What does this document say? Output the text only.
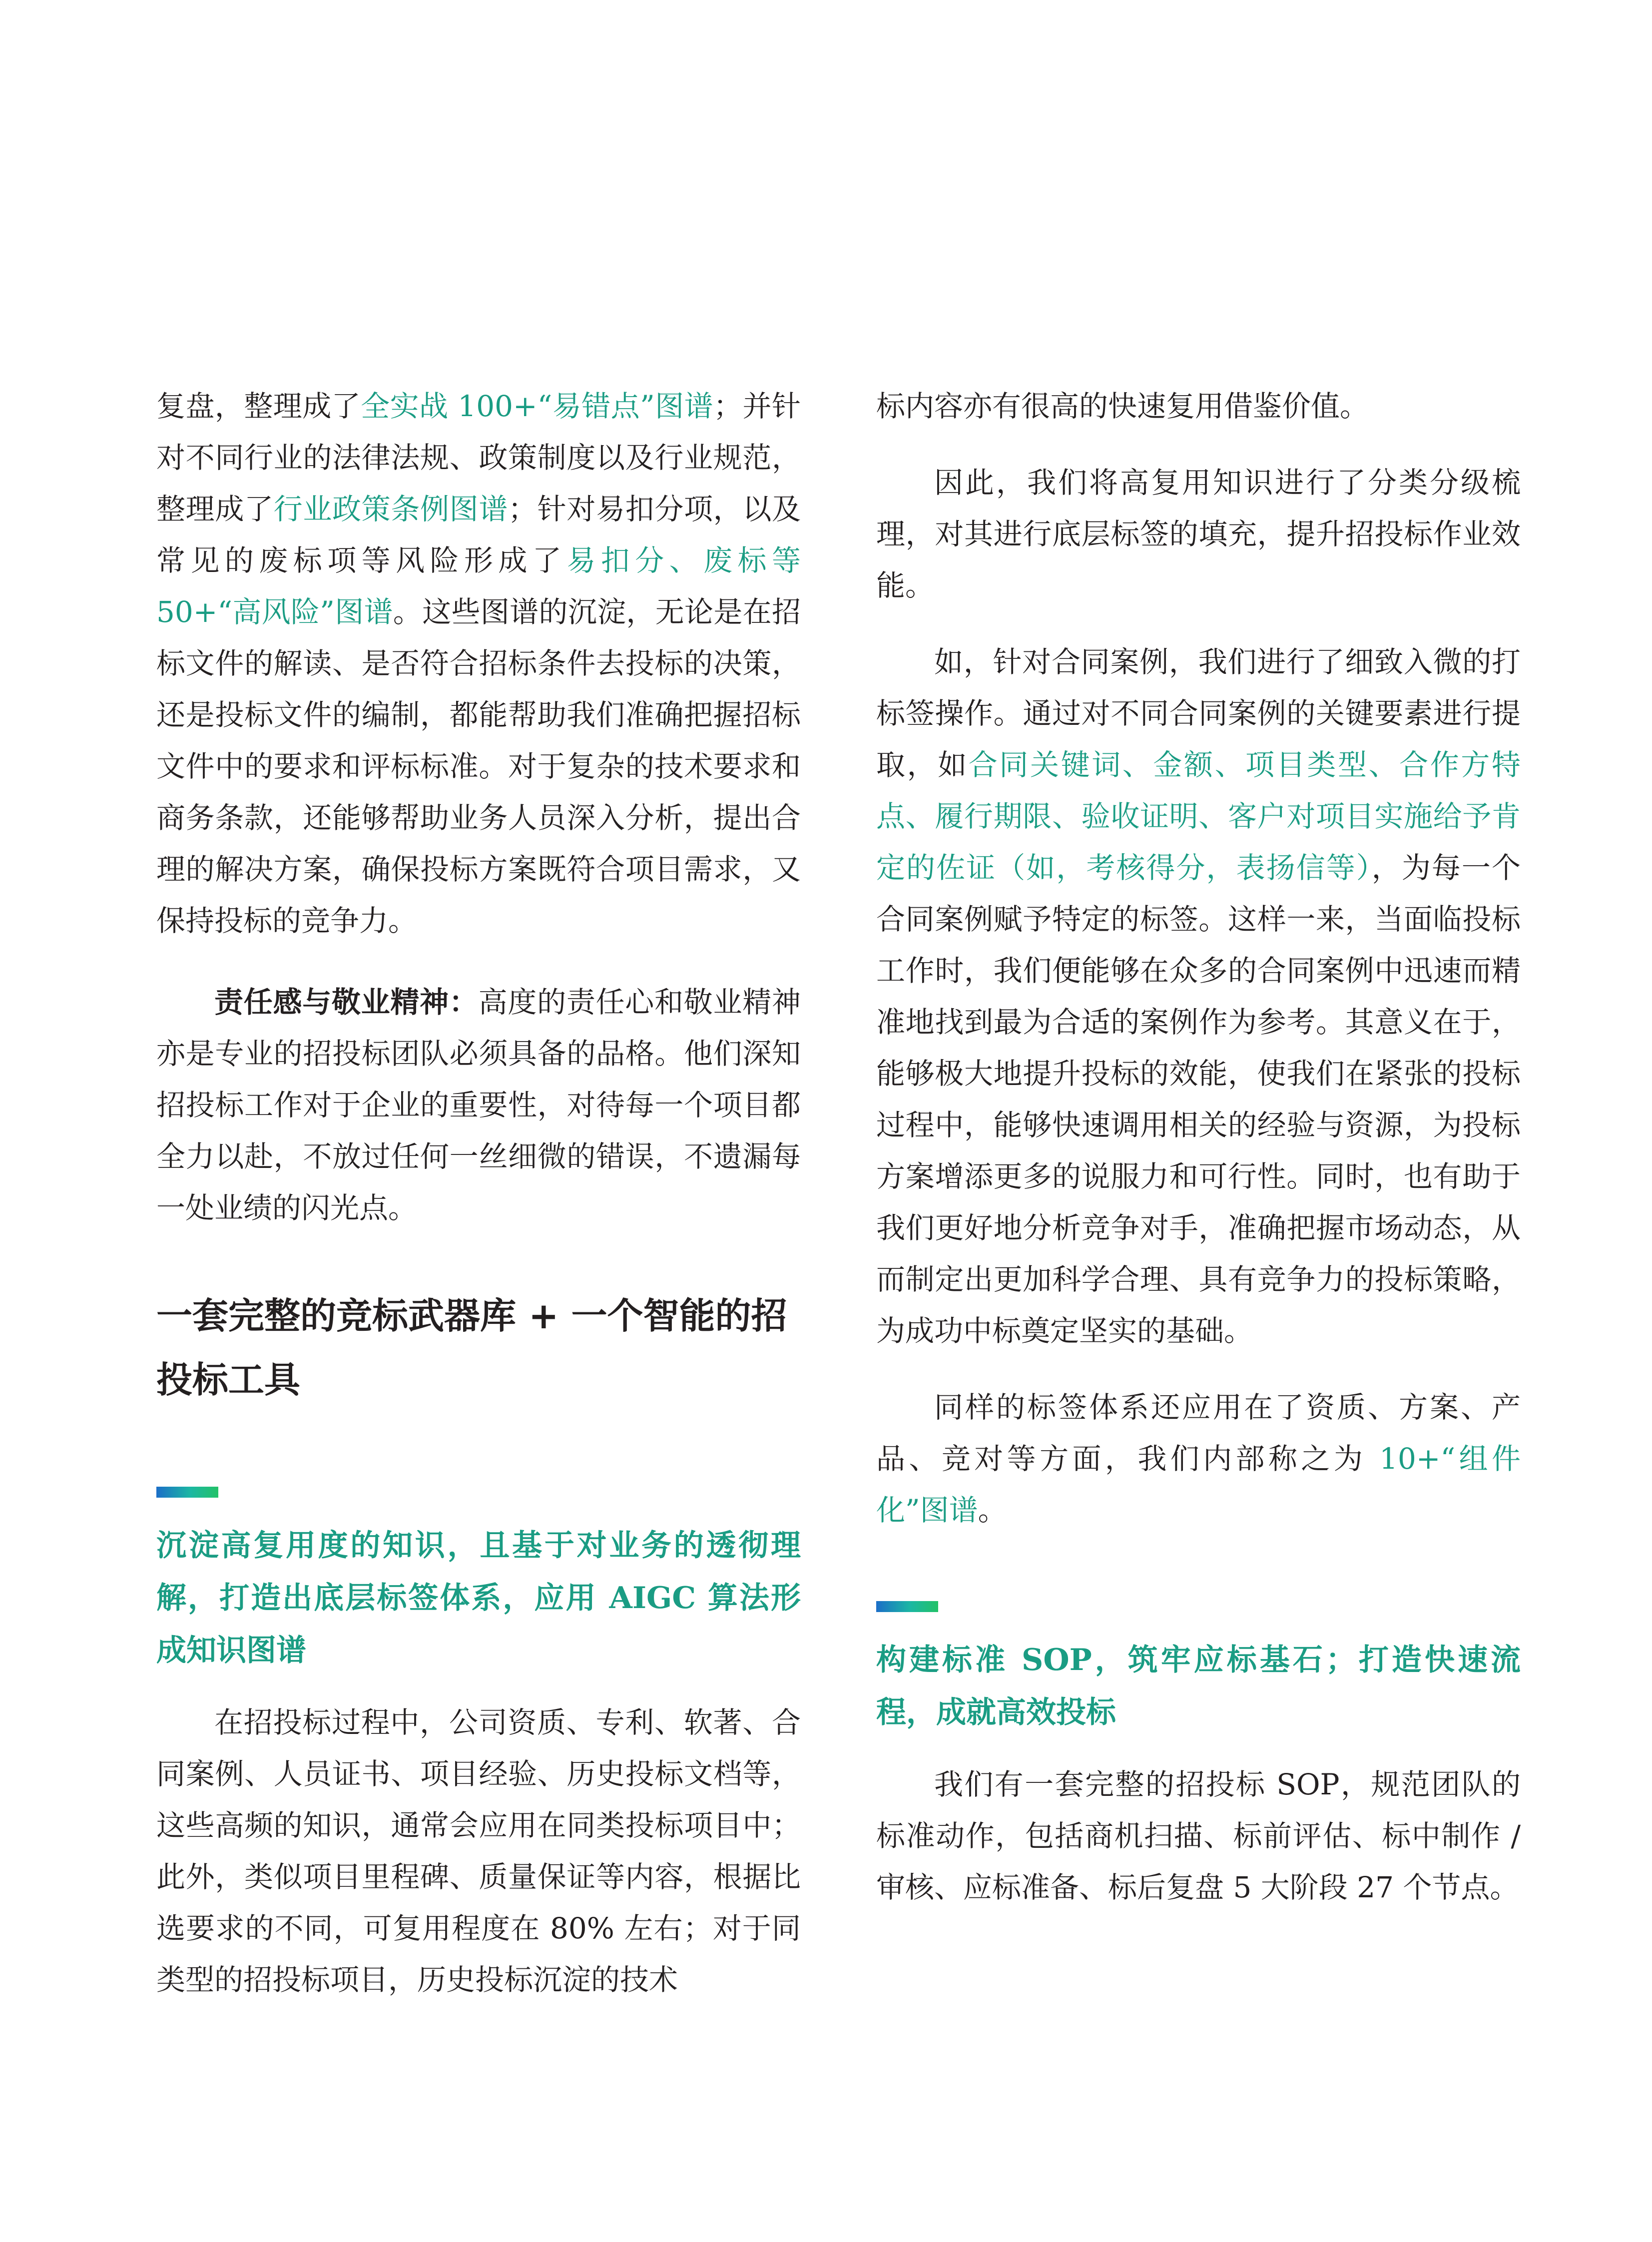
复盘，整理成了全实战 100+“易错点”图谱；并针对不同行业的法律法规、政策制度以及行业规范，整理成了行业政策条例图谱；针对易扣分项，以及常见的废标项等风险形成了易扣分、废标等 50+“高风险”图谱。这些图谱的沉淀，无论是在招标文件的解读、是否符合招标条件去投标的决策，还是投标文件的编制，都能帮助我们准确把握招标文件中的要求和评标标准。对于复杂的技术要求和商务条款，还能够帮助业务人员深入分析，提出合理的解决方案，确保投标方案既符合项目需求，又保持投标的竞争力。

责任感与敬业精神：高度的责任心和敬业精神亦是专业的招投标团队必须具备的品格。他们深知招投标工作对于企业的重要性，对待每一个项目都全力以赴，不放过任何一丝细微的错误，不遗漏每一处业绩的闪光点。

一套完整的竞标武器库 + 一个智能的招投标工具
沉淀高复用度的知识，且基于对业务的透彻理解，打造出底层标签体系，应用 AIGC 算法形成知识图谱

在招投标过程中，公司资质、专利、软著、合同案例、人员证书、项目经验、历史投标文档等，这些高频的知识，通常会应用在同类投标项目中；此外，类似项目里程碑、质量保证等内容，根据比选要求的不同，可复用程度在 80% 左右；对于同类型的招投标项目，历史投标沉淀的技术

标内容亦有很高的快速复用借鉴价值。

因此，我们将高复用知识进行了分类分级梳理，对其进行底层标签的填充，提升招投标作业效能。

如，针对合同案例，我们进行了细致入微的打标签操作。通过对不同合同案例的关键要素进行提取，如合同关键词、金额、项目类型、合作方特点、履行期限、验收证明、客户对项目实施给予肯定的佐证（如，考核得分，表扬信等），为每一个合同案例赋予特定的标签。这样一来，当面临投标工作时，我们便能够在众多的合同案例中迅速而精准地找到最为合适的案例作为参考。其意义在于，能够极大地提升投标的效能，使我们在紧张的投标过程中，能够快速调用相关的经验与资源，为投标方案增添更多的说服力和可行性。同时，也有助于我们更好地分析竞争对手，准确把握市场动态，从而制定出更加科学合理、具有竞争力的投标策略，为成功中标奠定坚实的基础。

同样的标签体系还应用在了资质、方案、产品、竞对等方面，我们内部称之为 10+“组件化”图谱。

构建标准 SOP，筑牢应标基石；打造快速流程，成就高效投标

我们有一套完整的招投标 SOP，规范团队的标准动作，包括商机扫描、标前评估、标中制作 / 审核、应标准备、标后复盘 5 大阶段 27 个节点。
